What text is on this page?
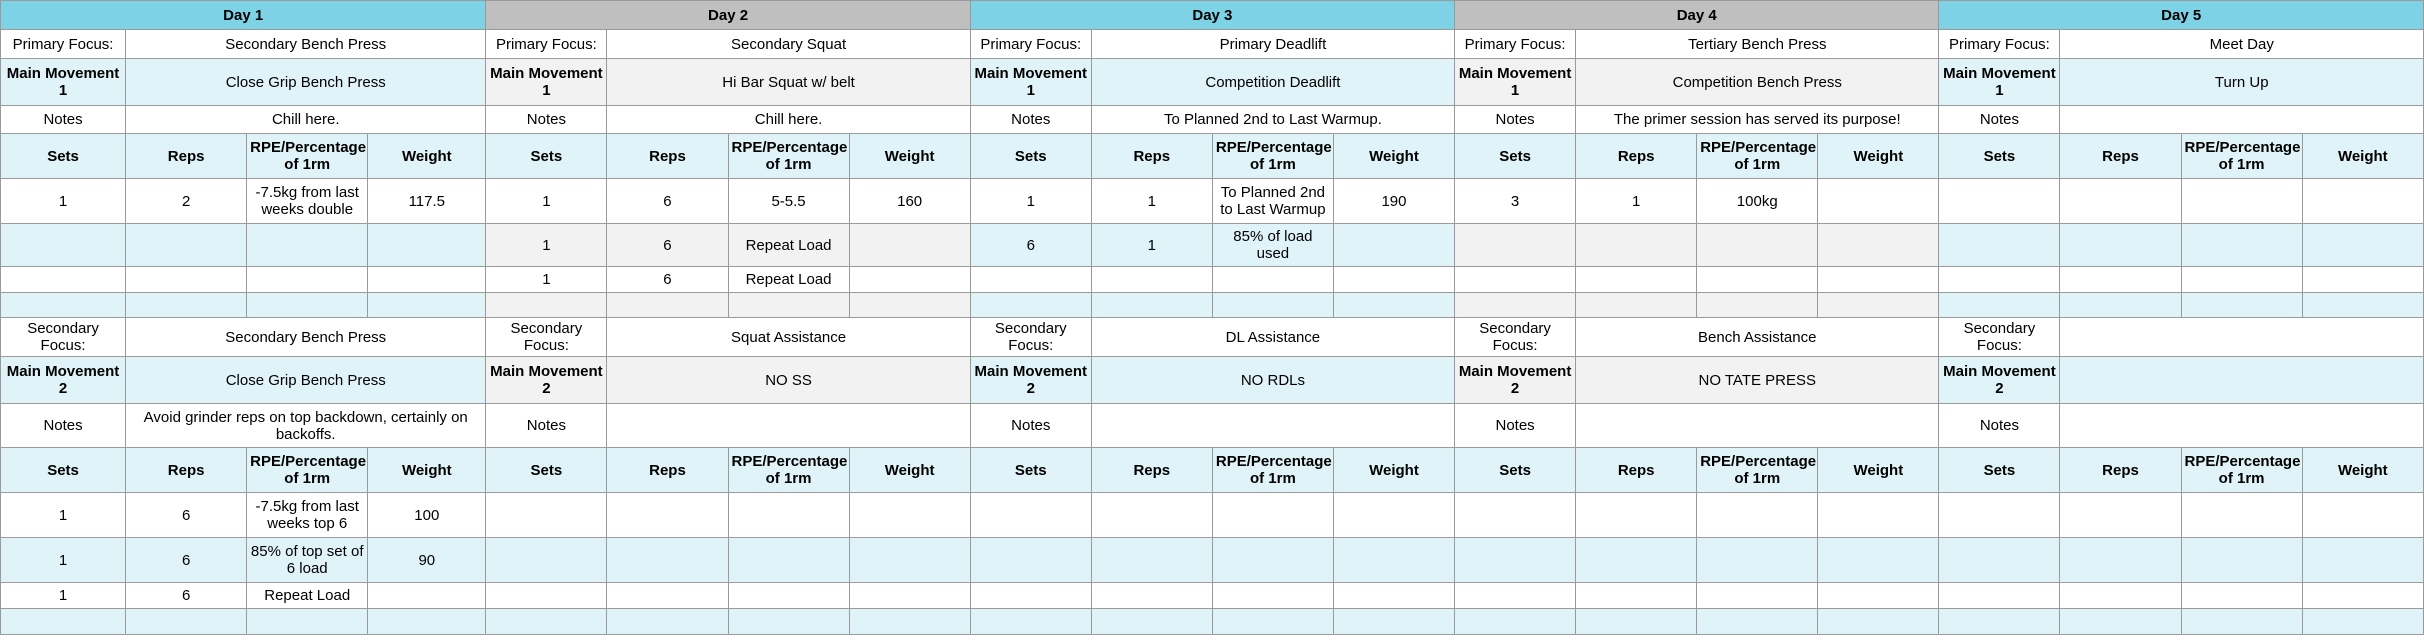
Day 1				Day 2				Day 3				Day 4				Day 5			
Primary Focus:	Secondary Bench Press			Primary Focus:	Secondary Squat			Primary Focus:	Primary Deadlift			Primary Focus:	Tertiary Bench Press			Primary Focus:	Meet Day		
Main Movement 1	Close Grip Bench Press			Main Movement 1	Hi Bar Squat w/ belt			Main Movement 1	Competition Deadlift			Main Movement 1	Competition Bench Press			Main Movement 1	Turn Up		
Notes	Chill here.			Notes	Chill here.			Notes	To Planned 2nd to Last Warmup.			Notes	The primer session has served its purpose!			Notes			
Sets	Reps	RPE/Percentage of 1rm	Weight	Sets	Reps	RPE/Percentage of 1rm	Weight	Sets	Reps	RPE/Percentage of 1rm	Weight	Sets	Reps	RPE/Percentage of 1rm	Weight	Sets	Reps	RPE/Percentage of 1rm	Weight
1	2	-7.5kg from last weeks double	117.5	1	6	5-5.5	160	1	1	To Planned 2nd to Last Warmup	190	3	1	100kg					
				1	6	Repeat Load		6	1	85% of load used									
				1	6	Repeat Load													

Secondary Focus:	Secondary Bench Press			Secondary Focus:	Squat Assistance			Secondary Focus:	DL Assistance			Secondary Focus:	Bench Assistance			Secondary Focus:			
Main Movement 2	Close Grip Bench Press			Main Movement 2	NO SS			Main Movement 2	NO RDLs			Main Movement 2	NO TATE PRESS			Main Movement 2			
Notes	Avoid grinder reps on top backdown, certainly on backoffs.			Notes				Notes				Notes				Notes			
Sets	Reps	RPE/Percentage of 1rm	Weight	Sets	Reps	RPE/Percentage of 1rm	Weight	Sets	Reps	RPE/Percentage of 1rm	Weight	Sets	Reps	RPE/Percentage of 1rm	Weight	Sets	Reps	RPE/Percentage of 1rm	Weight
1	6	-7.5kg from last weeks top 6	100																
1	6	85% of top set of 6 load	90																
1	6	Repeat Load																	
